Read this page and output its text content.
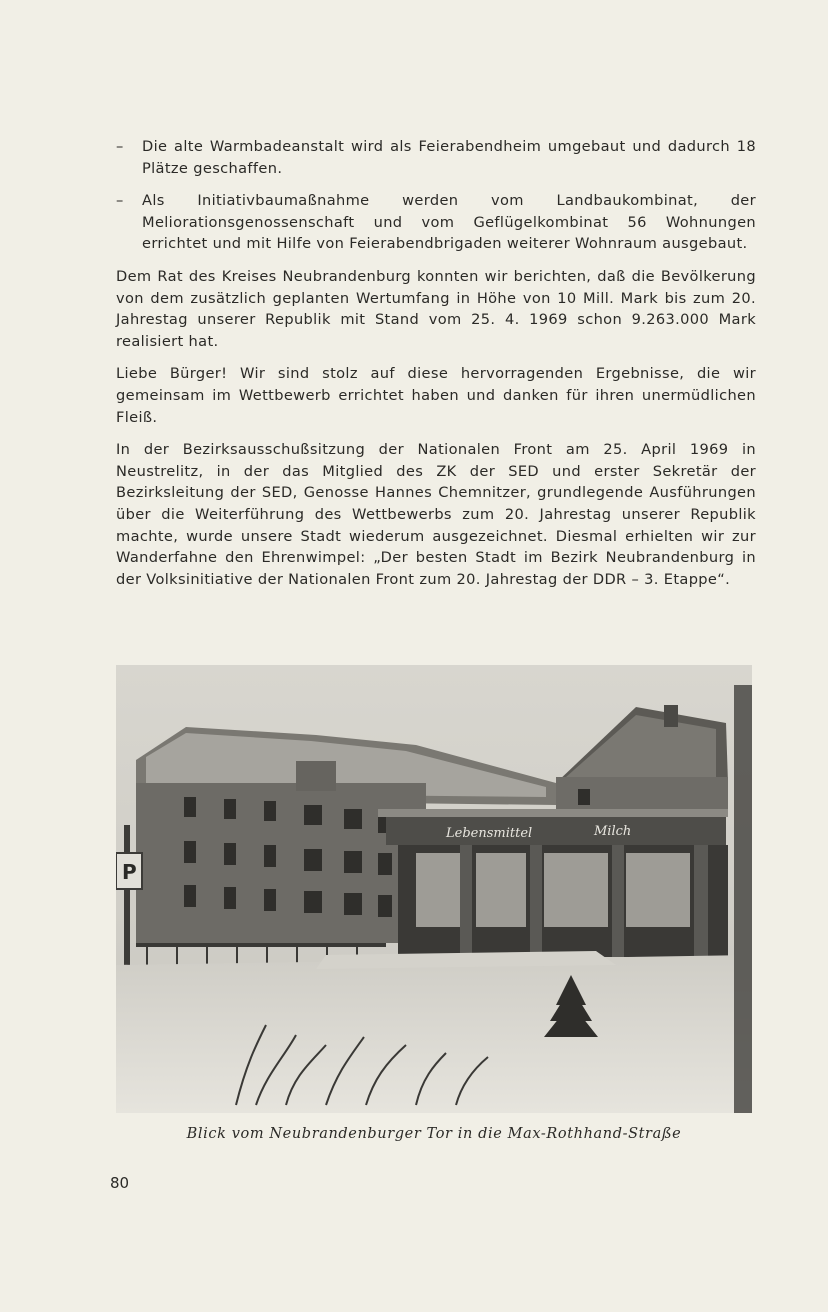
–	Die alte Warmbadeanstalt wird als Feierabendheim umgebaut und dadurch 18 Plätze geschaffen.
–	Als Initiativbaumaßnahme werden vom Landbaukombinat, der Meliorationsgenossenschaft und vom Geflügelkombinat 56 Wohnungen errichtet und mit Hilfe von Feierabendbrigaden weiterer Wohnraum ausgebaut.

Dem Rat des Kreises Neubrandenburg konnten wir berichten, daß die Bevölkerung von dem zusätzlich geplanten Wertumfang in Höhe von 10 Mill. Mark bis zum 20. Jahrestag unserer Republik mit Stand vom 25. 4. 1969 schon 9.263.000 Mark realisiert hat.

Liebe Bürger! Wir sind stolz auf diese hervorragenden Ergebnisse, die wir gemeinsam im Wettbewerb errichtet haben und danken für ihren unermüdlichen Fleiß.

In der Bezirksausschußsitzung der Nationalen Front am 25. April 1969 in Neustrelitz, in der das Mitglied des ZK der SED und erster Sekretär der Bezirksleitung der SED, Genosse Hannes Chemnitzer, grundlegende Ausführungen über die Weiterführung des Wettbewerbs zum 20. Jahrestag unserer Republik machte, wurde unsere Stadt wiederum ausgezeichnet. Diesmal erhielten wir zur Wanderfahne den Ehrenwimpel: „Der besten Stadt im Bezirk Neubrandenburg in der Volksinitiative der Nationalen Front zum 20. Jahrestag der DDR – 3. Etappe“.

Lebensmittel	Milch
P
Blick vom Neubrandenburger Tor in die Max-Rothhand-Straße
80
